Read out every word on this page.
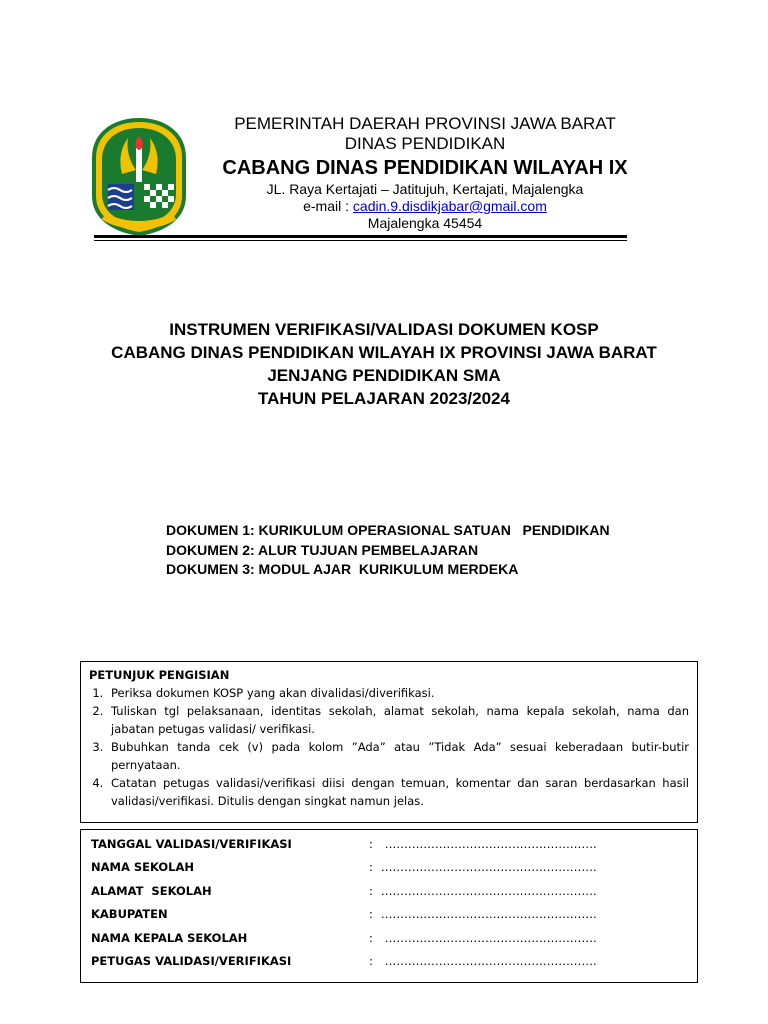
PEMERINTAH DAERAH PROVINSI JAWA BARAT
DINAS PENDIDIKAN
CABANG DINAS PENDIDIKAN WILAYAH IX
JL. Raya Kertajati – Jatitujuh, Kertajati, Majalengka
e-mail : cadin.9.disdikjabar@gmail.com
Majalengka 45454
INSTRUMEN VERIFIKASI/VALIDASI DOKUMEN KOSP
CABANG DINAS PENDIDIKAN WILAYAH IX PROVINSI JAWA BARAT
JENJANG PENDIDIKAN SMA
TAHUN PELAJARAN 2023/2024
DOKUMEN 1: KURIKULUM OPERASIONAL SATUAN   PENDIDIKAN
DOKUMEN 2: ALUR TUJUAN PEMBELAJARAN
DOKUMEN 3: MODUL AJAR  KURIKULUM MERDEKA
PETUNJUK PENGISIAN
1. Periksa dokumen KOSP yang akan divalidasi/diverifikasi.
2. Tuliskan tgl pelaksanaan, identitas sekolah, alamat sekolah, nama kepala sekolah, nama dan jabatan petugas validasi/ verifikasi.
3. Bubuhkan tanda cek (v) pada kolom ”Ada” atau ”Tidak Ada” sesuai keberadaan butir-butir pernyataan.
4. Catatan petugas validasi/verifikasi diisi dengan temuan, komentar dan saran berdasarkan hasil validasi/verifikasi. Ditulis dengan singkat namun jelas.
TANGGAL VALIDASI/VERIFIKASI	: .......................................................
NAMA SEKOLAH	: ........................................................
ALAMAT  SEKOLAH	: ........................................................
KABUPATEN	: ........................................................
NAMA KEPALA SEKOLAH	: .......................................................
PETUGAS VALIDASI/VERIFIKASI	: .......................................................
